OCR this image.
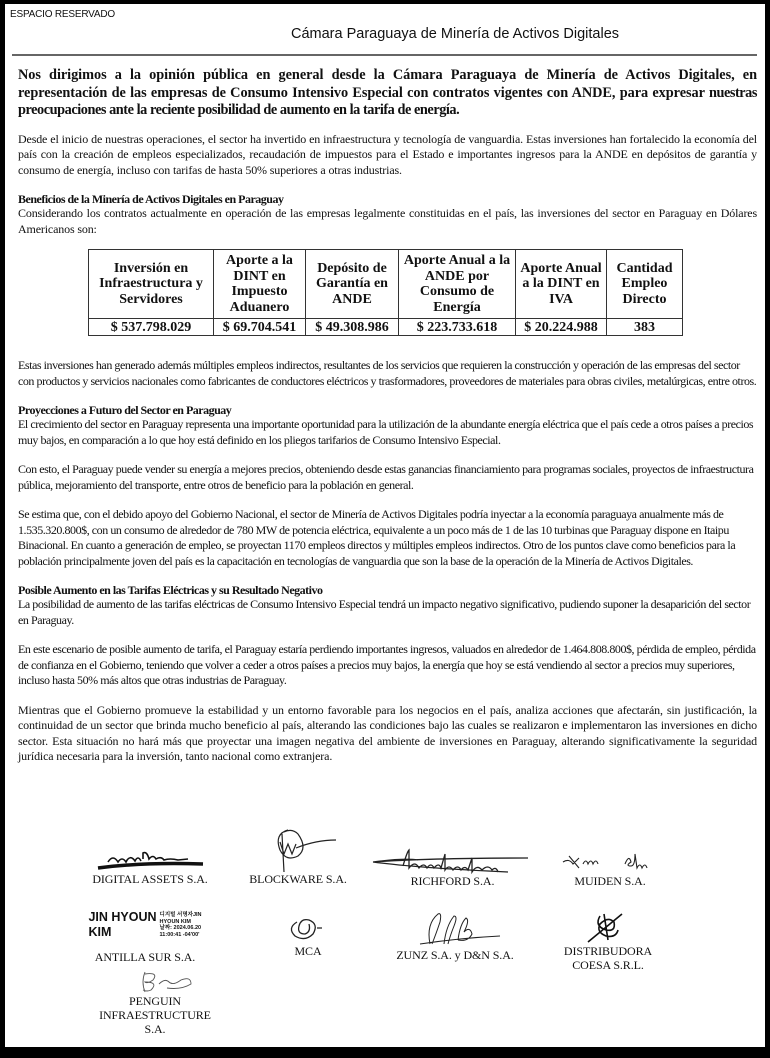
ESPACIO RESERVADO
Cámara Paraguaya de Minería de Activos Digitales

Nos dirigimos a la opinión pública en general desde la Cámara Paraguaya de Minería de Activos Digitales, en representación de las empresas de Consumo Intensivo Especial con contratos vigentes con ANDE, para expresar nuestras preocupaciones ante la reciente posibilidad de aumento en la tarifa de energía.

Desde el inicio de nuestras operaciones, el sector ha invertido en infraestructura y tecnología de vanguardia. Estas inversiones han fortalecido la economía del país con la creación de empleos especializados, recaudación de impuestos para el Estado e importantes ingresos para la ANDE en depósitos de garantía y consumo de energía, incluso con tarifas de hasta 50% superiores a otras industrias.

Beneficios de la Minería de Activos Digitales en Paraguay

Considerando los contratos actualmente en operación de las empresas legalmente constituidas en el país, las inversiones del sector en Paraguay en Dólares Americanos son:

Inversión en Infraestructura y Servidores	Aporte a la DINT en Impuesto Aduanero	Depósito de Garantía en ANDE	Aporte Anual a la ANDE por Consumo de Energía	Aporte Anual a la DINT en IVA	Cantidad Empleo Directo
$ 537.798.029	$ 69.704.541	$ 49.308.986	$ 223.733.618	$ 20.224.988	383

Estas inversiones han generado además múltiples empleos indirectos, resultantes de los servicios que requieren la construcción y operación de las empresas del sector con productos y servicios nacionales como fabricantes de conductores eléctricos y trasformadores, proveedores de materiales para obras civiles, metalúrgicas, entre otros.

Proyecciones a Futuro del Sector en Paraguay

El crecimiento del sector en Paraguay representa una importante oportunidad para la utilización de la abundante energía eléctrica que el país cede a otros países a precios muy bajos, en comparación a lo que hoy está definido en los pliegos tarifarios de Consumo Intensivo Especial.

Con esto, el Paraguay puede vender su energía a mejores precios, obteniendo desde estas ganancias financiamiento para programas sociales, proyectos de infraestructura pública, mejoramiento del transporte, entre otros de beneficio para la población en general.

Se estima que, con el debido apoyo del Gobierno Nacional, el sector de Minería de Activos Digitales podría inyectar a la economía paraguaya anualmente más de 1.535.320.800$, con un consumo de alrededor de 780 MW de potencia eléctrica, equivalente a un poco más de 1 de las 10 turbinas que Paraguay dispone en Itaipu Binacional. En cuanto a generación de empleo, se proyectan 1170 empleos directos y múltiples empleos indirectos. Otro de los puntos clave como beneficios para la población principalmente joven del país es la capacitación en tecnologías de vanguardia que son la base de la operación de la Minería de Activos Digitales.

Posible Aumento en las Tarifas Eléctricas y su Resultado Negativo

La posibilidad de aumento de las tarifas eléctricas de Consumo Intensivo Especial tendrá un impacto negativo significativo, pudiendo suponer la desaparición del sector en Paraguay.

En este escenario de posible aumento de tarifa, el Paraguay estaría perdiendo importantes ingresos, valuados en alrededor de 1.464.808.800$, pérdida de empleo, pérdida de confianza en el Gobierno, teniendo que volver a ceder a otros países a precios muy bajos, la energía que hoy se está vendiendo al sector a precios muy superiores, incluso hasta 50% más altos que otras industrias de Paraguay.

Mientras que el Gobierno promueve la estabilidad y un entorno favorable para los negocios en el país, analiza acciones que afectarán, sin justificación, la continuidad de un sector que brinda mucho beneficio al país, alterando las condiciones bajo las cuales se realizaron e implementaron las inversiones en dicho sector. Esta situación no hará más que proyectar una imagen negativa del ambiente de inversiones en Paraguay, alterando significativamente la seguridad jurídica necesaria para la inversión, tanto nacional como extranjera.

DIGITAL ASSETS S.A.	BLOCKWARE S.A.	RICHFORD S.A.	MUIDEN S.A.
JIN HYOUN
KIM
디지털 서명자JIN
HYOUN KIM
날짜: 2024.06.20
11:00:41 -04'00'
ANTILLA SUR S.A.	MCA	ZUNZ S.A. y D&N S.A.	DISTRIBUDORA
COESA S.R.L.
PENGUIN
INFRAESTRUCTURE
S.A.
